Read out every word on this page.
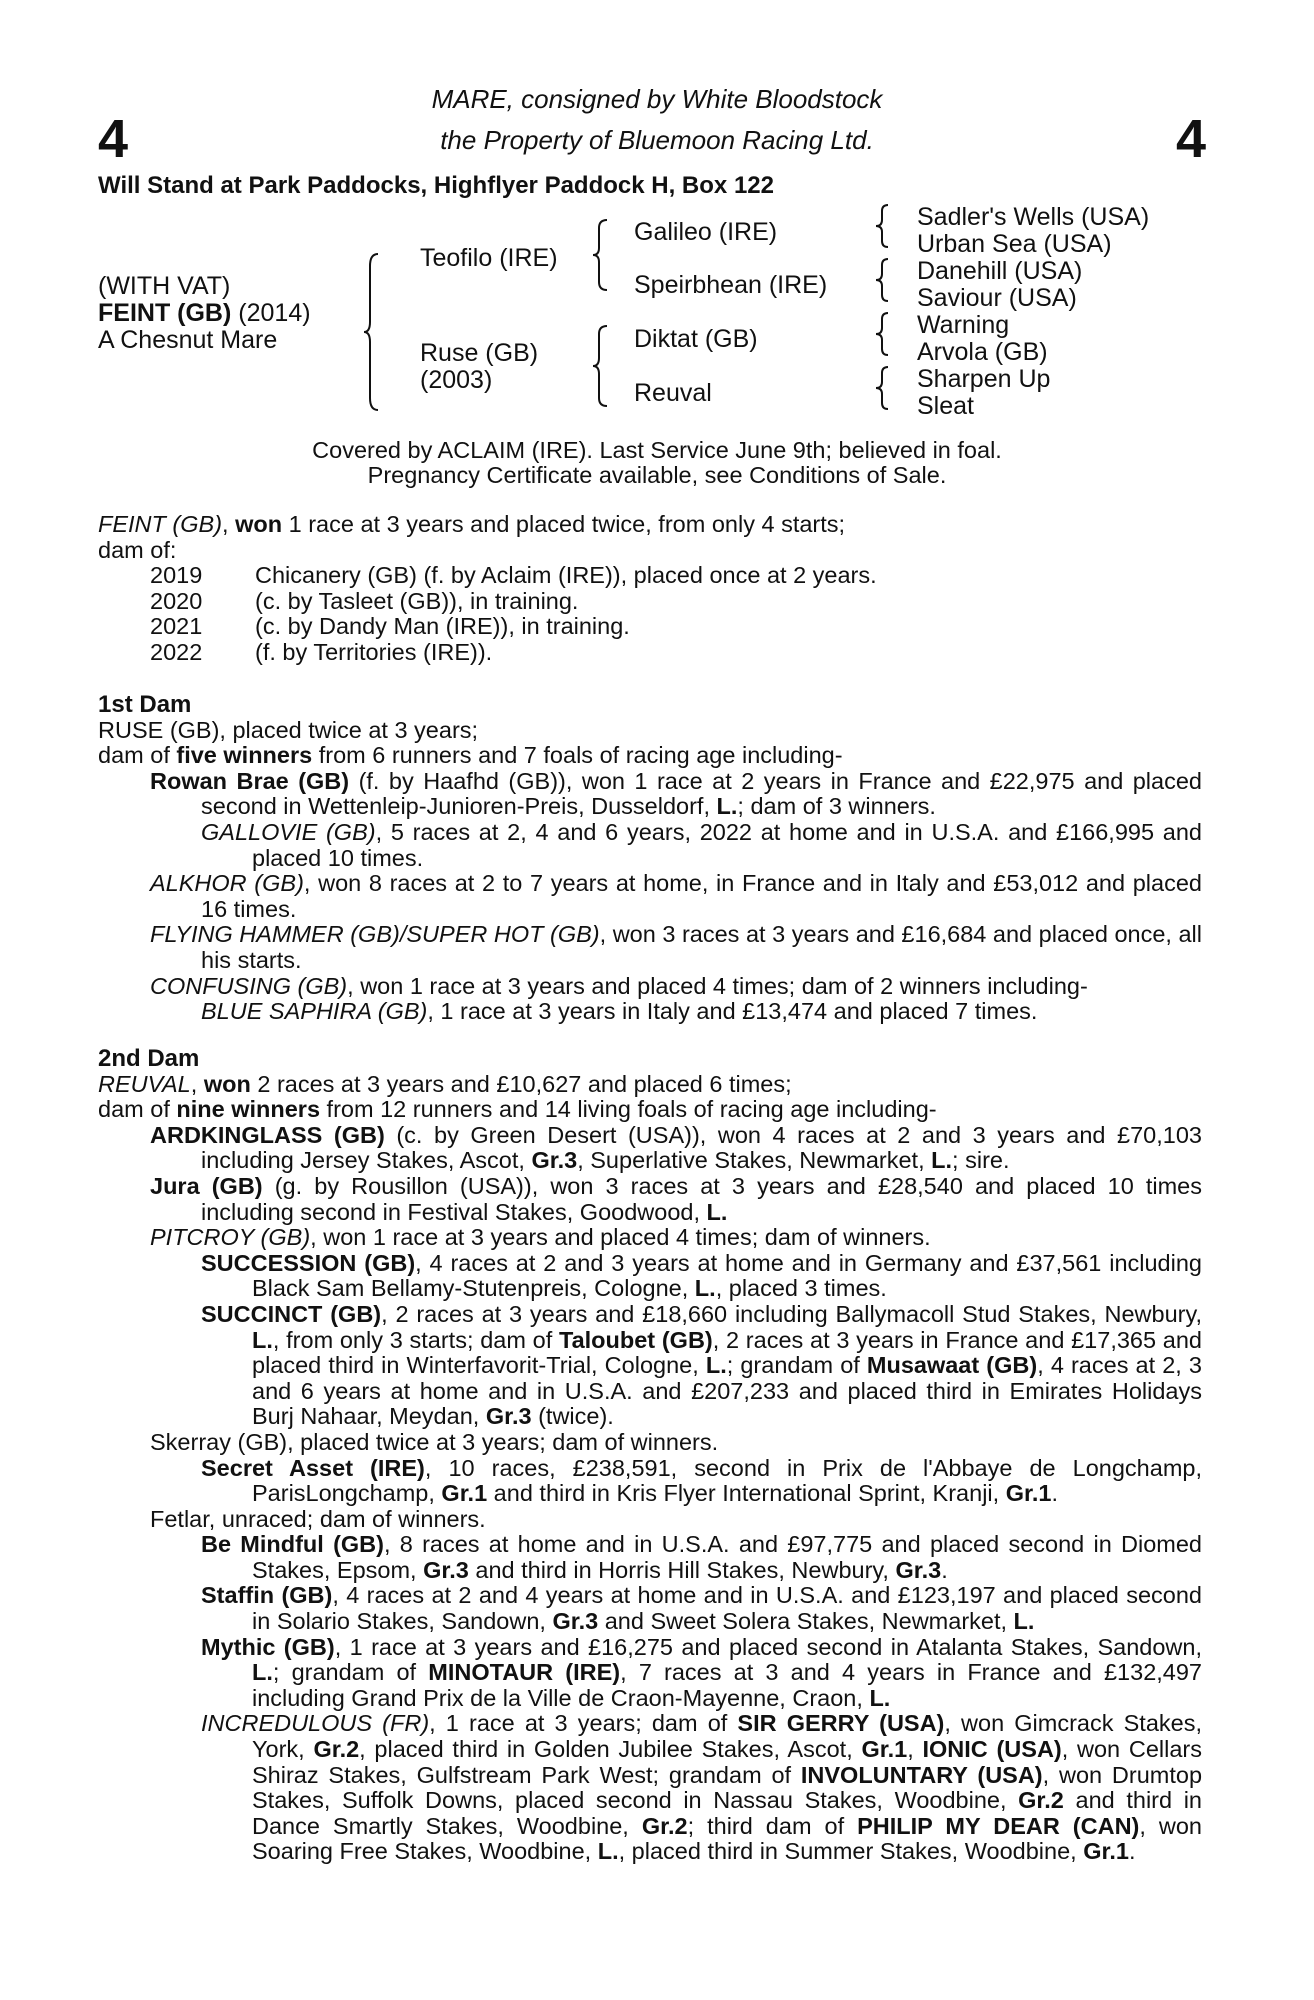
4	4
MARE, consigned by White Bloodstock
the Property of Bluemoon Racing Ltd.
Will Stand at Park Paddocks, Highflyer Paddock H, Box 122
(WITH VAT)
FEINT (GB) (2014)
A Chesnut Mare
Teofilo (IRE)
Ruse (GB)
(2003)
Galileo (IRE)
Speirbhean (IRE)
Diktat (GB)
Reuval
Sadler's Wells (USA)
Urban Sea (USA)
Danehill (USA)
Saviour (USA)
Warning
Arvola (GB)
Sharpen Up
Sleat
Covered by ACLAIM (IRE). Last Service June 9th; believed in foal.
Pregnancy Certificate available, see Conditions of Sale.

FEINT (GB), won 1 race at 3 years and placed twice, from only 4 starts;

dam of:

2019	Chicanery (GB) (f. by Aclaim (IRE)), placed once at 2 years.
2020	(c. by Tasleet (GB)), in training.
2021	(c. by Dandy Man (IRE)), in training.
2022	(f. by Territories (IRE)).

1st Dam

RUSE (GB), placed twice at 3 years;

dam of five winners from 6 runners and 7 foals of racing age including-

Rowan Brae (GB) (f. by Haafhd (GB)), won 1 race at 2 years in France and £22,975 and placed second in Wettenleip-Junioren-Preis, Dusseldorf, L.; dam of 3 winners.

GALLOVIE (GB), 5 races at 2, 4 and 6 years, 2022 at home and in U.S.A. and £166,995 and placed 10 times.

ALKHOR (GB), won 8 races at 2 to 7 years at home, in France and in Italy and £53,012 and placed 16 times.

FLYING HAMMER (GB)/SUPER HOT (GB), won 3 races at 3 years and £16,684 and placed once, all his starts.

CONFUSING (GB), won 1 race at 3 years and placed 4 times; dam of 2 winners including-

BLUE SAPHIRA (GB), 1 race at 3 years in Italy and £13,474 and placed 7 times.

2nd Dam

REUVAL, won 2 races at 3 years and £10,627 and placed 6 times;

dam of nine winners from 12 runners and 14 living foals of racing age including-

ARDKINGLASS (GB) (c. by Green Desert (USA)), won 4 races at 2 and 3 years and £70,103 including Jersey Stakes, Ascot, Gr.3, Superlative Stakes, Newmarket, L.; sire.

Jura (GB) (g. by Rousillon (USA)), won 3 races at 3 years and £28,540 and placed 10 times including second in Festival Stakes, Goodwood, L.

PITCROY (GB), won 1 race at 3 years and placed 4 times; dam of winners.

SUCCESSION (GB), 4 races at 2 and 3 years at home and in Germany and £37,561 including Black Sam Bellamy-Stutenpreis, Cologne, L., placed 3 times.

SUCCINCT (GB), 2 races at 3 years and £18,660 including Ballymacoll Stud Stakes, Newbury, L., from only 3 starts; dam of Taloubet (GB), 2 races at 3 years in France and £17,365 and placed third in Winterfavorit-Trial, Cologne, L.; grandam of Musawaat (GB), 4 races at 2, 3 and 6 years at home and in U.S.A. and £207,233 and placed third in Emirates Holidays Burj Nahaar, Meydan, Gr.3 (twice).

Skerray (GB), placed twice at 3 years; dam of winners.

Secret Asset (IRE), 10 races, £238,591, second in Prix de l'Abbaye de Longchamp, ParisLongchamp, Gr.1 and third in Kris Flyer International Sprint, Kranji, Gr.1.

Fetlar, unraced; dam of winners.

Be Mindful (GB), 8 races at home and in U.S.A. and £97,775 and placed second in Diomed Stakes, Epsom, Gr.3 and third in Horris Hill Stakes, Newbury, Gr.3.

Staffin (GB), 4 races at 2 and 4 years at home and in U.S.A. and £123,197 and placed second in Solario Stakes, Sandown, Gr.3 and Sweet Solera Stakes, Newmarket, L.

Mythic (GB), 1 race at 3 years and £16,275 and placed second in Atalanta Stakes, Sandown, L.; grandam of MINOTAUR (IRE), 7 races at 3 and 4 years in France and £132,497 including Grand Prix de la Ville de Craon-Mayenne, Craon, L.

INCREDULOUS (FR), 1 race at 3 years; dam of SIR GERRY (USA), won Gimcrack Stakes, York, Gr.2, placed third in Golden Jubilee Stakes, Ascot, Gr.1, IONIC (USA), won Cellars Shiraz Stakes, Gulfstream Park West; grandam of INVOLUNTARY (USA), won Drumtop Stakes, Suffolk Downs, placed second in Nassau Stakes, Woodbine, Gr.2 and third in Dance Smartly Stakes, Woodbine, Gr.2; third dam of PHILIP MY DEAR (CAN), won Soaring Free Stakes, Woodbine, L., placed third in Summer Stakes, Woodbine, Gr.1.
